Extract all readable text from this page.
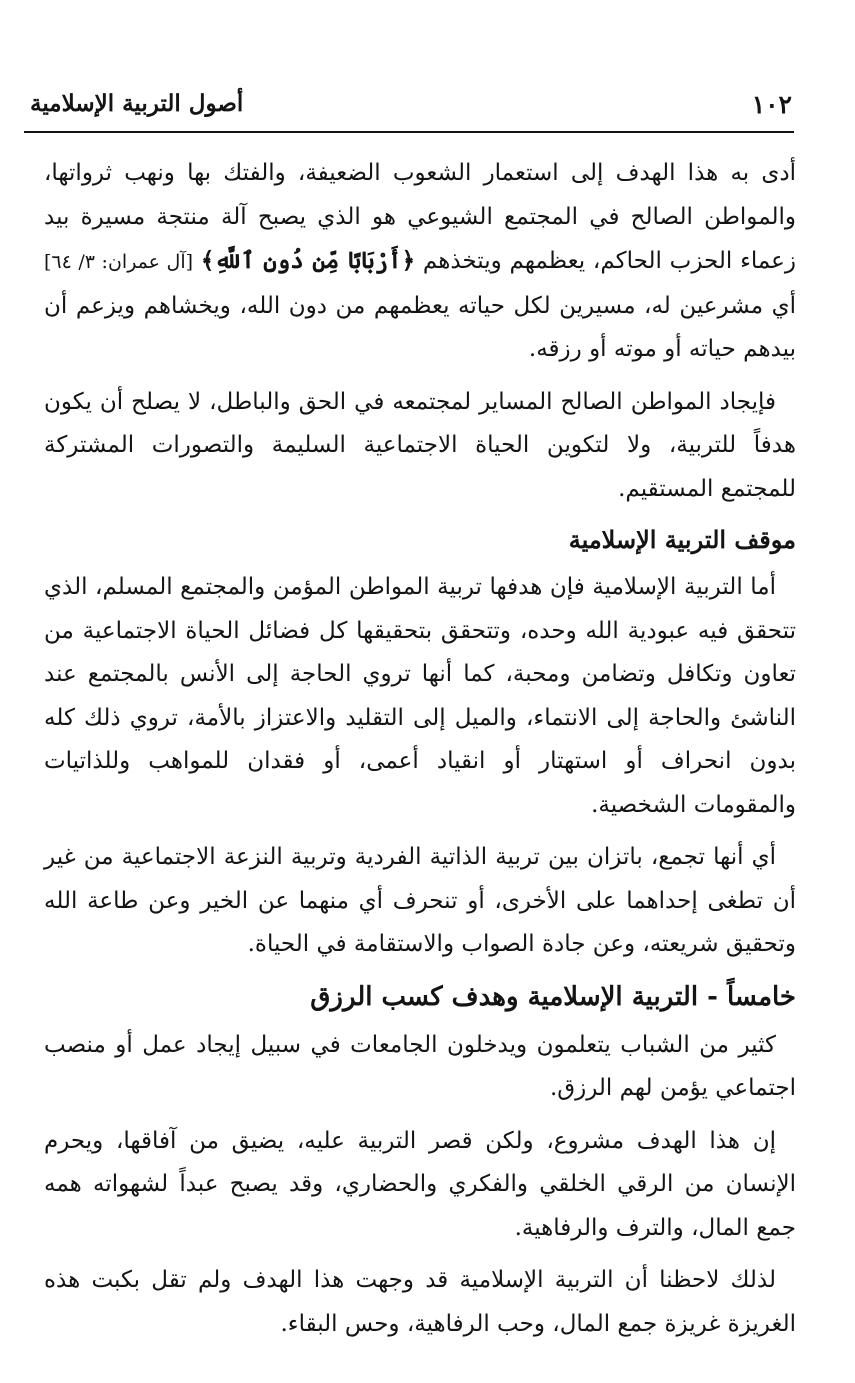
١٠٢
أصول التربية الإسلامية

أدى به هذا الهدف إلى استعمار الشعوب الضعيفة، والفتك بها ونهب ثرواتها، والمواطن الصالح في المجتمع الشيوعي هو الذي يصبح آلة منتجة مسيرة بيد زعماء الحزب الحاكم، يعظمهم ويتخذهم ﴿أَرْبَابًا مِّن دُونِ ٱللَّهِ﴾ [آل عمران: ٣/ ٦٤] أي مشرعين له، مسيرين لكل حياته يعظمهم من دون الله، ويخشاهم ويزعم أن بيدهم حياته أو موته أو رزقه.

فإيجاد المواطن الصالح المساير لمجتمعه في الحق والباطل، لا يصلح أن يكون هدفاً للتربية، ولا لتكوين الحياة الاجتماعية السليمة والتصورات المشتركة للمجتمع المستقيم.

موقف التربية الإسلامية

أما التربية الإسلامية فإن هدفها تربية المواطن المؤمن والمجتمع المسلم، الذي تتحقق فيه عبودية الله وحده، وتتحقق بتحقيقها كل فضائل الحياة الاجتماعية من تعاون وتكافل وتضامن ومحبة، كما أنها تروي الحاجة إلى الأنس بالمجتمع عند الناشئ والحاجة إلى الانتماء، والميل إلى التقليد والاعتزاز بالأمة، تروي ذلك كله بدون انحراف أو استهتار أو انقياد أعمى، أو فقدان للمواهب وللذاتيات والمقومات الشخصية.

أي أنها تجمع، باتزان بين تربية الذاتية الفردية وتربية النزعة الاجتماعية من غير أن تطغى إحداهما على الأخرى، أو تنحرف أي منهما عن الخير وعن طاعة الله وتحقيق شريعته، وعن جادة الصواب والاستقامة في الحياة.

خامساً - التربية الإسلامية وهدف كسب الرزق

كثير من الشباب يتعلمون ويدخلون الجامعات في سبيل إيجاد عمل أو منصب اجتماعي يؤمن لهم الرزق.

إن هذا الهدف مشروع، ولكن قصر التربية عليه، يضيق من آفاقها، ويحرم الإنسان من الرقي الخلقي والفكري والحضاري، وقد يصبح عبداً لشهواته همه جمع المال، والترف والرفاهية.

لذلك لاحظنا أن التربية الإسلامية قد وجهت هذا الهدف ولم تقل بكبت هذه الغريزة غريزة جمع المال، وحب الرفاهية، وحس البقاء.
